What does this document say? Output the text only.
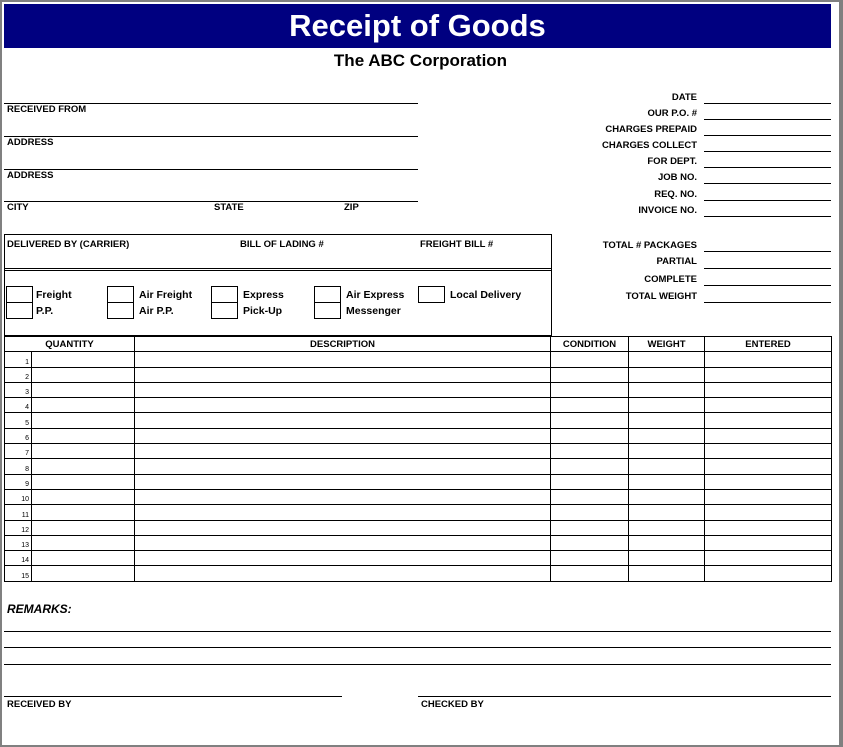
Receipt of Goods
The ABC Corporation
RECEIVED FROM
ADDRESS
ADDRESS
CITY	STATE	ZIP
DATE
OUR P.O. #
CHARGES PREPAID
CHARGES COLLECT
FOR DEPT.
JOB NO.
REQ. NO.
INVOICE NO.
DELIVERED BY (CARRIER)	BILL OF LADING #	FREIGHT BILL #
Freight
P.P.
Air Freight
Air P.P.
Express
Pick-Up
Air Express
Messenger
Local Delivery
TOTAL # PACKAGES
PARTIAL
COMPLETE
TOTAL WEIGHT
QUANTITY		DESCRIPTION	CONDITION	WEIGHT	ENTERED
1					
2					
3					
4					
5					
6					
7					
8					
9					
10					
11					
12					
13					
14					
15					
REMARKS:
RECEIVED BY	CHECKED BY
